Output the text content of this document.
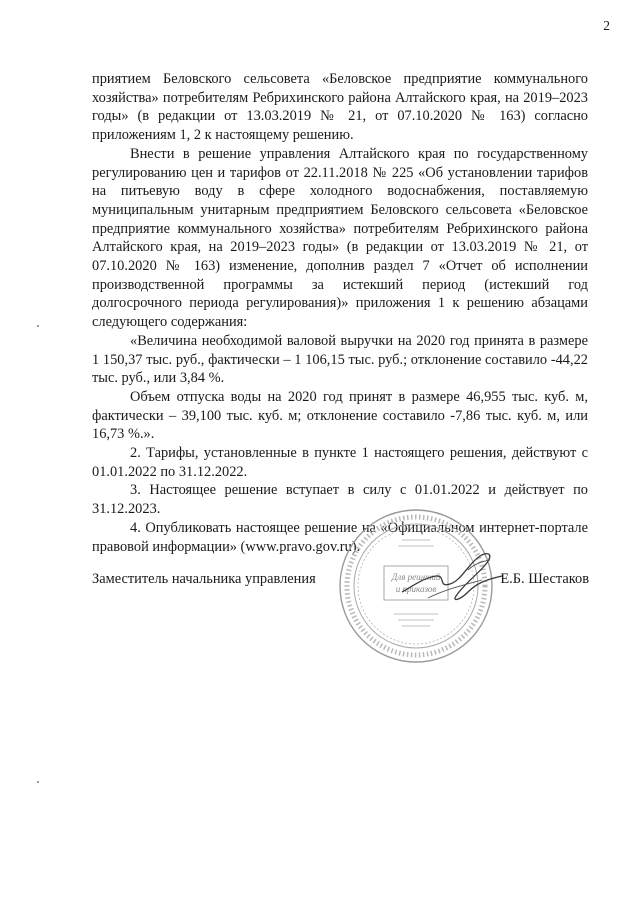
2

приятием Беловского сельсовета «Беловское предприятие коммунального хозяйства» потребителям Ребрихинского района Алтайского края, на 2019–2023 годы» (в редакции от 13.03.2019 № 21, от 07.10.2020 № 163) согласно приложениям 1, 2 к настоящему решению.

Внести в решение управления Алтайского края по государственному регулированию цен и тарифов от 22.11.2018 № 225 «Об установлении тарифов на питьевую воду в сфере холодного водоснабжения, поставляемую муниципальным унитарным предприятием Беловского сельсовета «Беловское предприятие коммунального хозяйства» потребителям Ребрихинского района Алтайского края, на 2019–2023 годы» (в редакции от 13.03.2019 № 21, от 07.10.2020 № 163) изменение, дополнив раздел 7 «Отчет об исполнении производственной программы за истекший период (истекший год долгосрочного периода регулирования)» приложения 1 к решению абзацами следующего содержания:

«Величина необходимой валовой выручки на 2020 год принята в размере 1 150,37 тыс. руб., фактически – 1 106,15 тыс. руб.; отклонение составило -44,22 тыс. руб., или 3,84 %.

Объем отпуска воды на 2020 год принят в размере 46,955 тыс. куб. м, фактически – 39,100 тыс. куб. м; отклонение составило -7,86 тыс. куб. м, или 16,73 %.».

2. Тарифы, установленные в пункте 1 настоящего решения, действуют с 01.01.2022 по 31.12.2022.

3. Настоящее решение вступает в силу с 01.01.2022 и действует по 31.12.2023.

4. Опубликовать настоящее решение на «Официальном интернет-портале правовой информации» (www.pravo.gov.ru).

Для решений
и приказов
Заместитель начальника управления	Е.Б. Шестаков
